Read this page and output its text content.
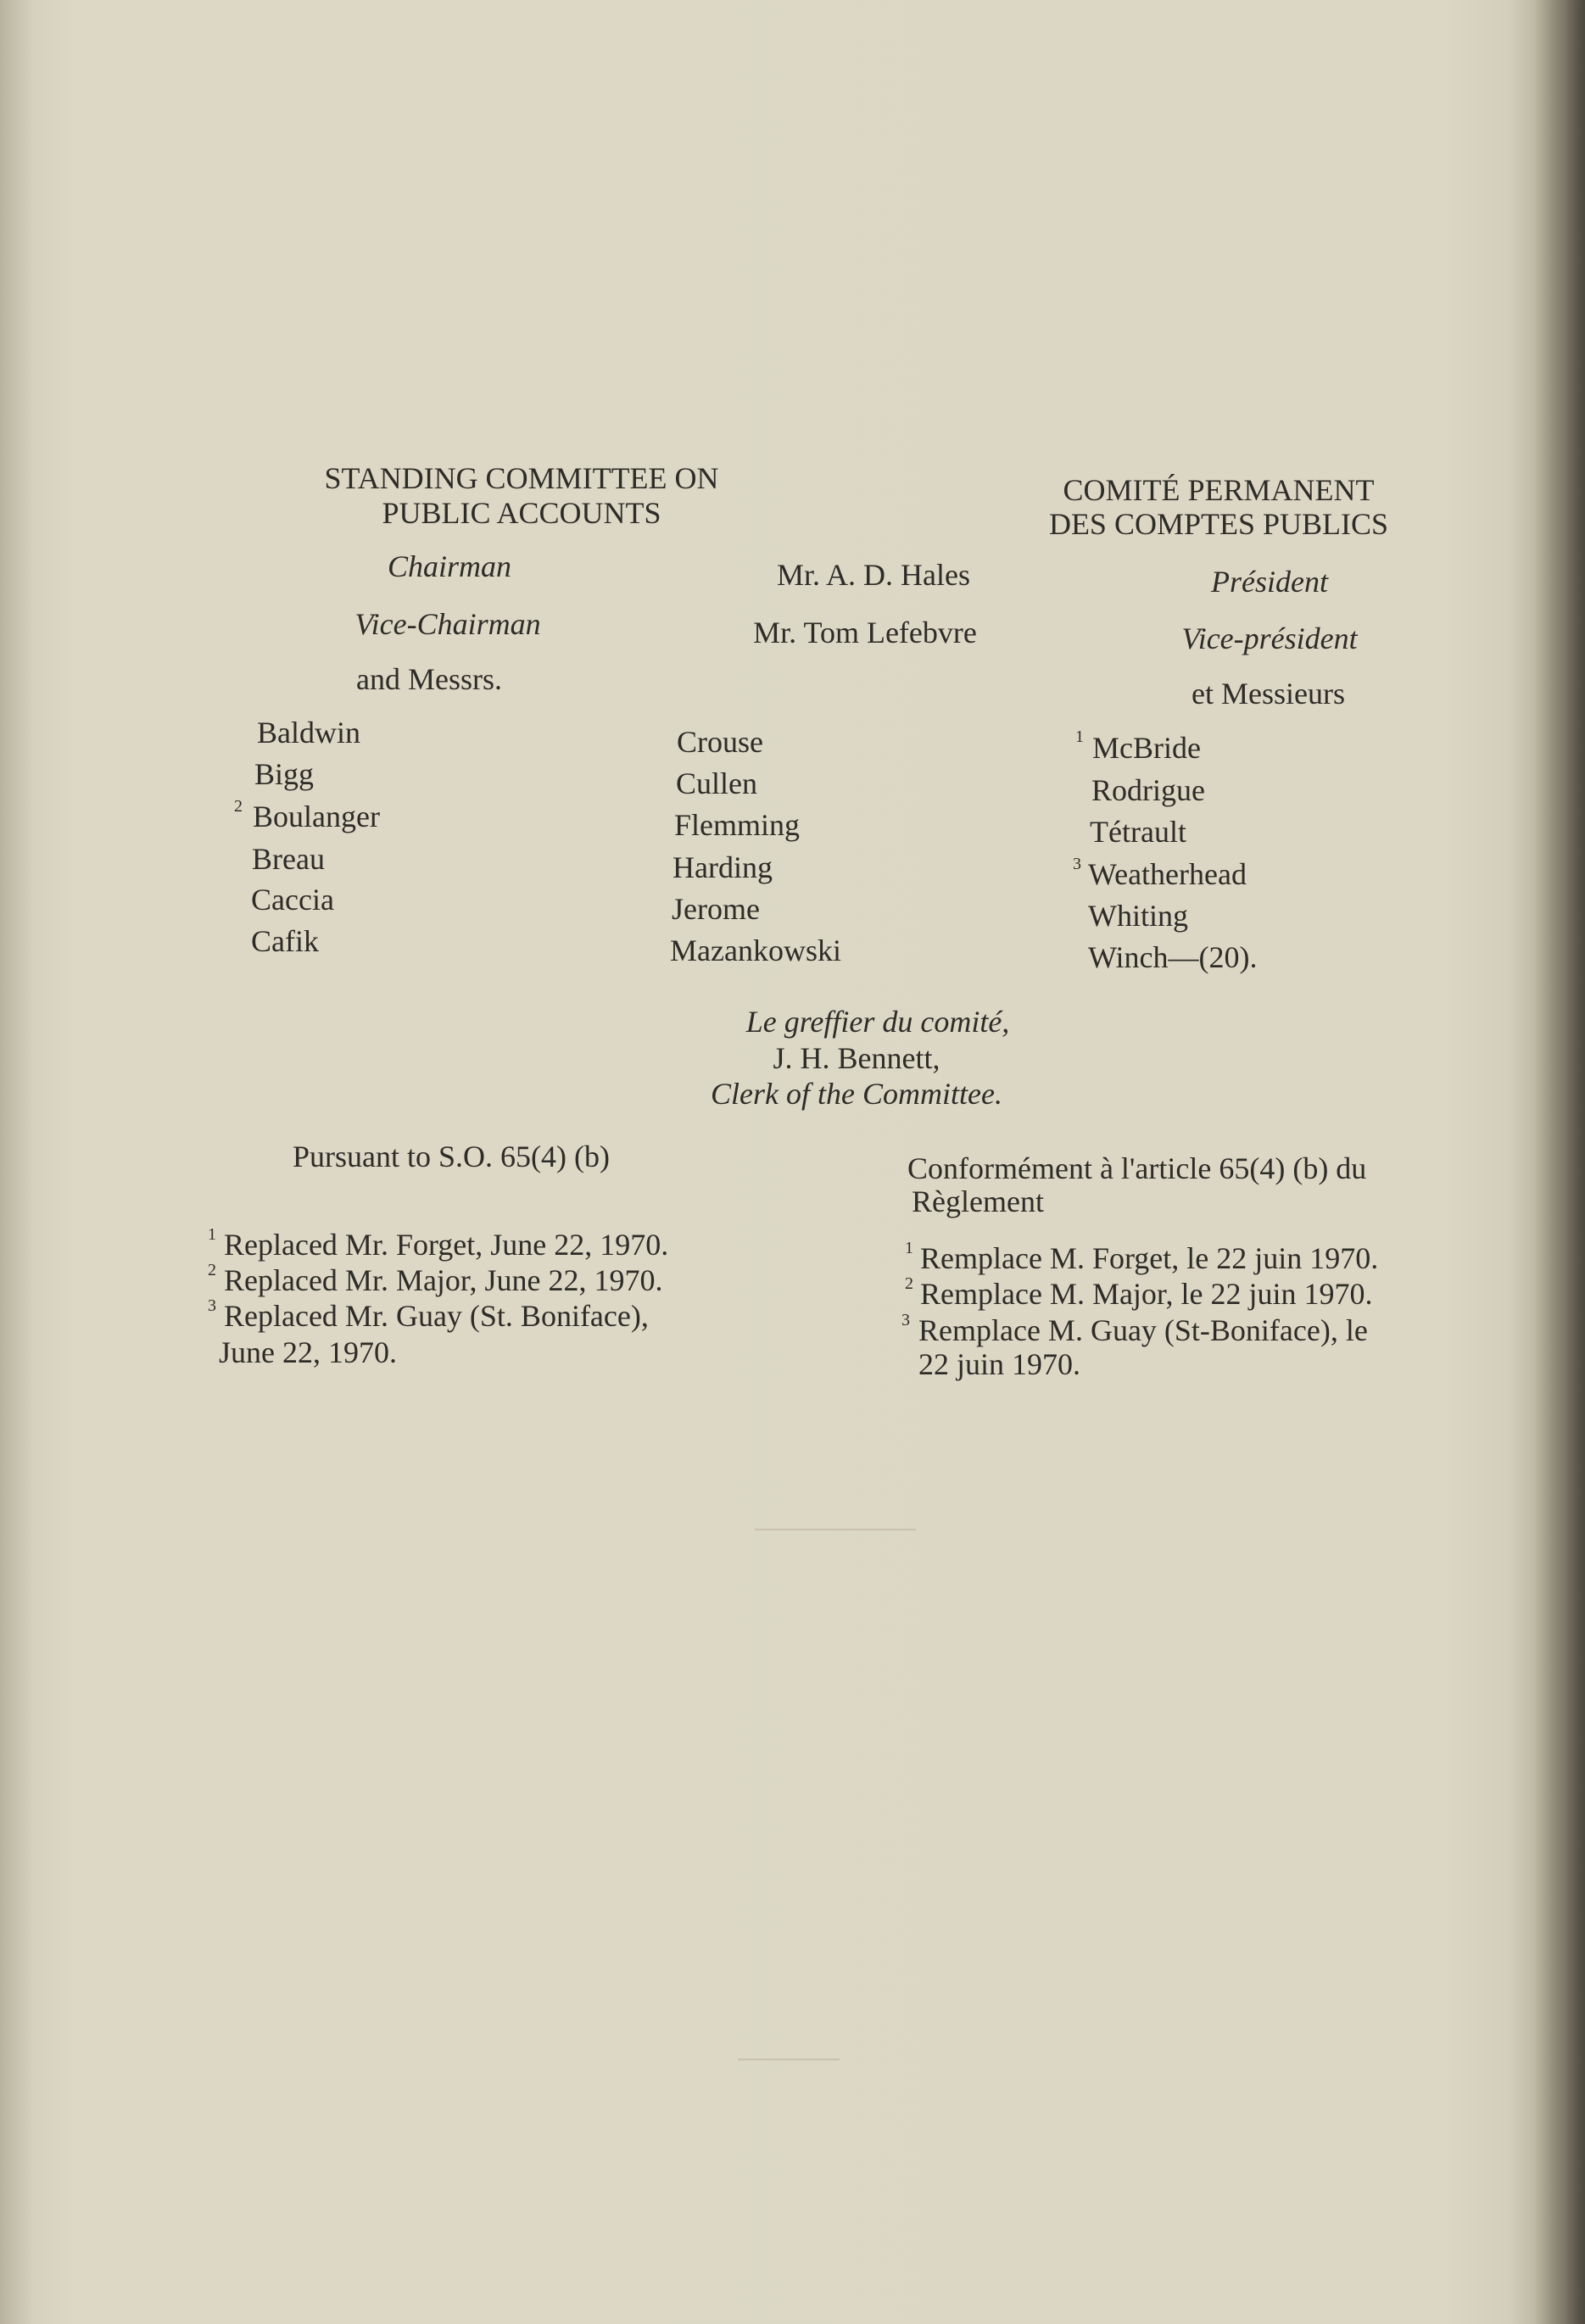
STANDING COMMITTEE ON
PUBLIC ACCOUNTS
COMITÉ PERMANENT
DES COMPTES PUBLICS
Chairman	Mr. A. D. Hales	Président
Vice-Chairman	Mr. Tom Lefebvre	Vice-président
and Messrs.	et Messieurs
Baldwin
Bigg
2 Boulanger
Breau
Caccia
Cafik
Crouse
Cullen
Flemming
Harding
Jerome
Mazankowski
1 McBride
Rodrigue
Tétrault
3 Weatherhead
Whiting
Winch—(20).
Le greffier du comité,
J. H. Bennett,
Clerk of the Committee.
Pursuant to S.O. 65(4) (b)	Conformément à l'article 65(4) (b) du
Règlement
1 Replaced Mr. Forget, June 22, 1970.
2 Replaced Mr. Major, June 22, 1970.
3 Replaced Mr. Guay (St. Boniface),
June 22, 1970.
1 Remplace M. Forget, le 22 juin 1970.
2 Remplace M. Major, le 22 juin 1970.
3 Remplace M. Guay (St-Boniface), le
22 juin 1970.
